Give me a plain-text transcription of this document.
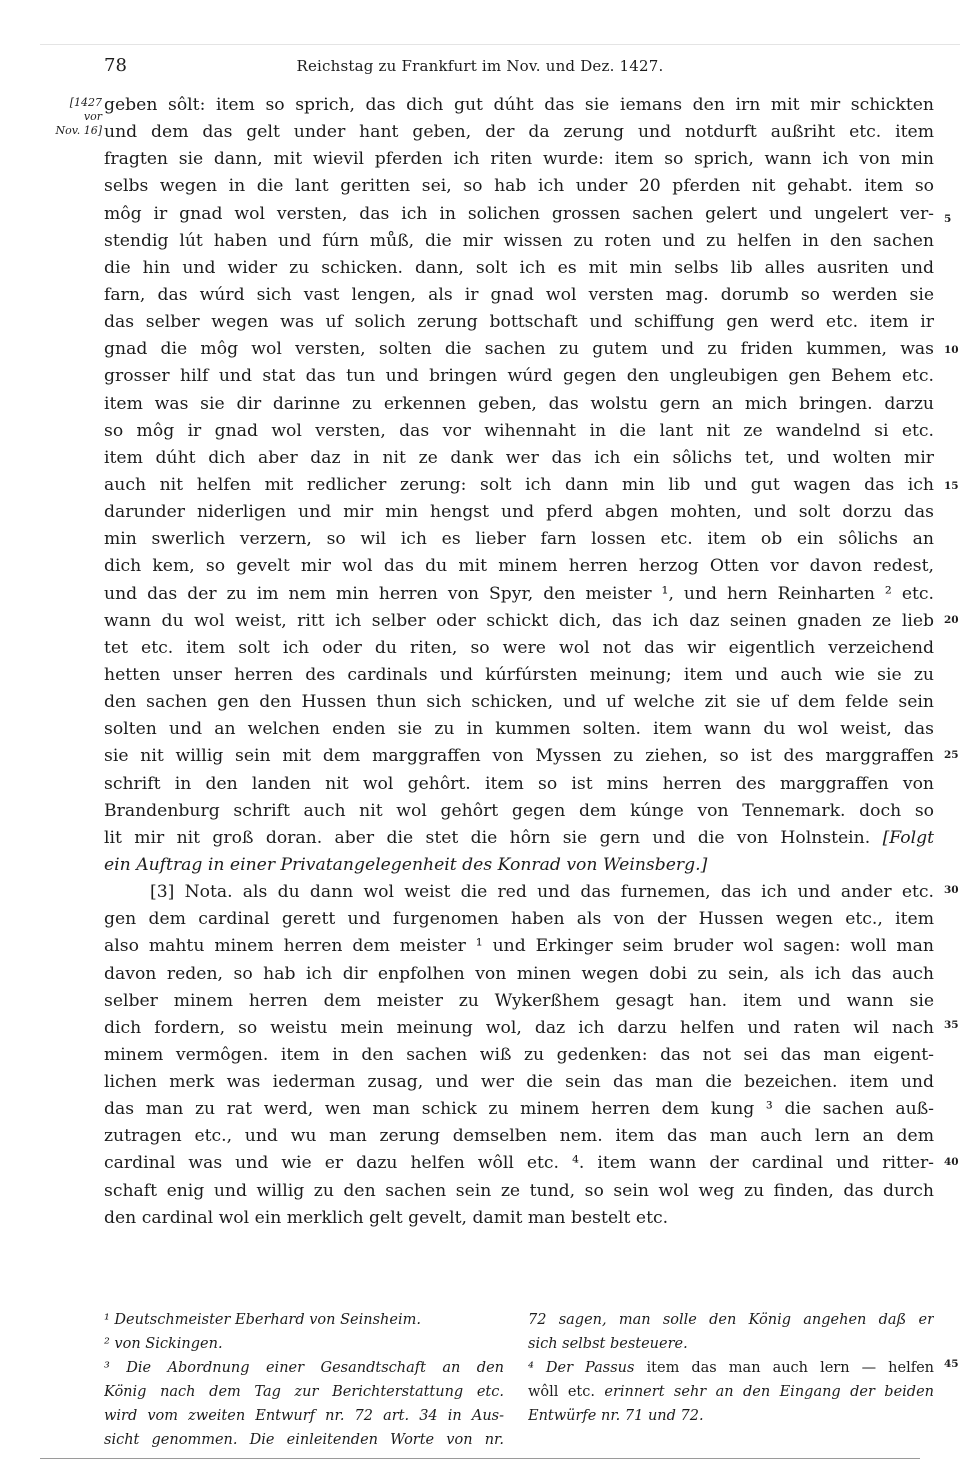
78	Reichstag zu Frankfurt im Nov. und Dez. 1427.
[1427
vor
Nov. 16]
geben sôlt: item so sprich, das dich gut dúht das sie iemans den irn mit mir schickten
und dem das gelt under hant geben, der da zerung und notdurft außriht etc. item
fragten sie dann, mit wievil pferden ich riten wurde: item so sprich, wann ich von min
selbs wegen in die lant geritten sei, so hab ich under 20 pferden nit gehabt. item so
môg ir gnad wol versten, das ich in solichen grossen sachen gelert und ungelert ver-
stendig lút haben und fúrn můß, die mir wissen zu roten und zu helfen in den sachen
die hin und wider zu schicken. dann, solt ich es mit min selbs lib alles ausriten und
farn, das wúrd sich vast lengen, als ir gnad wol versten mag. dorumb so werden sie
das selber wegen was uf solich zerung bottschaft und schiffung gen werd etc. item ir
gnad die môg wol versten, solten die sachen zu gutem und zu friden kummen, was
grosser hilf und stat das tun und bringen wúrd gegen den ungleubigen gen Behem etc.
item was sie dir darinne zu erkennen geben, das wolstu gern an mich bringen. darzu
so môg ir gnad wol versten, das vor wihennaht in die lant nit ze wandelnd si etc.
item dúht dich aber daz in nit ze dank wer das ich ein sôlichs tet, und wolten mir
auch nit helfen mit redlicher zerung: solt ich dann min lib und gut wagen das ich
darunder niderligen und mir min hengst und pferd abgen mohten, und solt dorzu das
min swerlich verzern, so wil ich es lieber farn lossen etc. item ob ein sôlichs an
dich kem, so gevelt mir wol das du mit minem herren herzog Otten vor davon redest,
und das der zu im nem min herren von Spyr, den meister ¹, und hern Reinharten ² etc.
wann du wol weist, ritt ich selber oder schickt dich, das ich daz seinen gnaden ze lieb
tet etc. item solt ich oder du riten, so were wol not das wir eigentlich verzeichend
hetten unser herren des cardinals und kúrfúrsten meinung; item und auch wie sie zu
den sachen gen den Hussen thun sich schicken, und uf welche zit sie uf dem felde sein
solten und an welchen enden sie zu in kummen solten. item wann du wol weist, das
sie nit willig sein mit dem marggraffen von Myssen zu ziehen, so ist des marggraffen
schrift in den landen nit wol gehôrt. item so ist mins herren des marggraffen von
Brandenburg schrift auch nit wol gehôrt gegen dem kúnge von Tennemark. doch so
lit mir nit groß doran. aber die stet die hôrn sie gern und die von Holnstein. [Folgt
ein Auftrag in einer Privatangelegenheit des Konrad von Weinsberg.]
[3] Nota. als du dann wol weist die red und das furnemen, das ich und ander etc.
gen dem cardinal gerett und furgenomen haben als von der Hussen wegen etc., item
also mahtu minem herren dem meister ¹ und Erkinger seim bruder wol sagen: woll man
davon reden, so hab ich dir enpfolhen von minen wegen dobi zu sein, als ich das auch
selber minem herren dem meister zu Wykerßhem gesagt han. item und wann sie
dich fordern, so weistu mein meinung wol, daz ich darzu helfen und raten wil nach
minem vermôgen. item in den sachen wiß zu gedenken: das not sei das man eigent-
lichen merk was iederman zusag, und wer die sein das man die bezeichen. item und
das man zu rat werd, wen man schick zu minem herren dem kung ³ die sachen auß-
zutragen etc., und wu man zerung demselben nem. item das man auch lern an dem
cardinal was und wie er dazu helfen wôll etc. ⁴. item wann der cardinal und ritter-
schaft enig und willig zu den sachen sein ze tund, so sein wol weg zu finden, das durch
den cardinal wol ein merklich gelt gevelt, damit man bestelt etc.
5
10
15
20
25
30
35
40
¹ Deutschmeister Eberhard von Seinsheim.
² von Sickingen.
³ Die Abordnung einer Gesandtschaft an den
König nach dem Tag zur Berichterstattung etc.
wird vom zweiten Entwurf nr. 72 art. 34 in Aus-
sicht genommen. Die einleitenden Worte von nr.
72 sagen, man solle den König angehen daß er
sich selbst besteuere.
⁴ Der Passus item das man auch lern — helfen
wôll etc. erinnert sehr an den Eingang der beiden
Entwürfe nr. 71 und 72.
45
